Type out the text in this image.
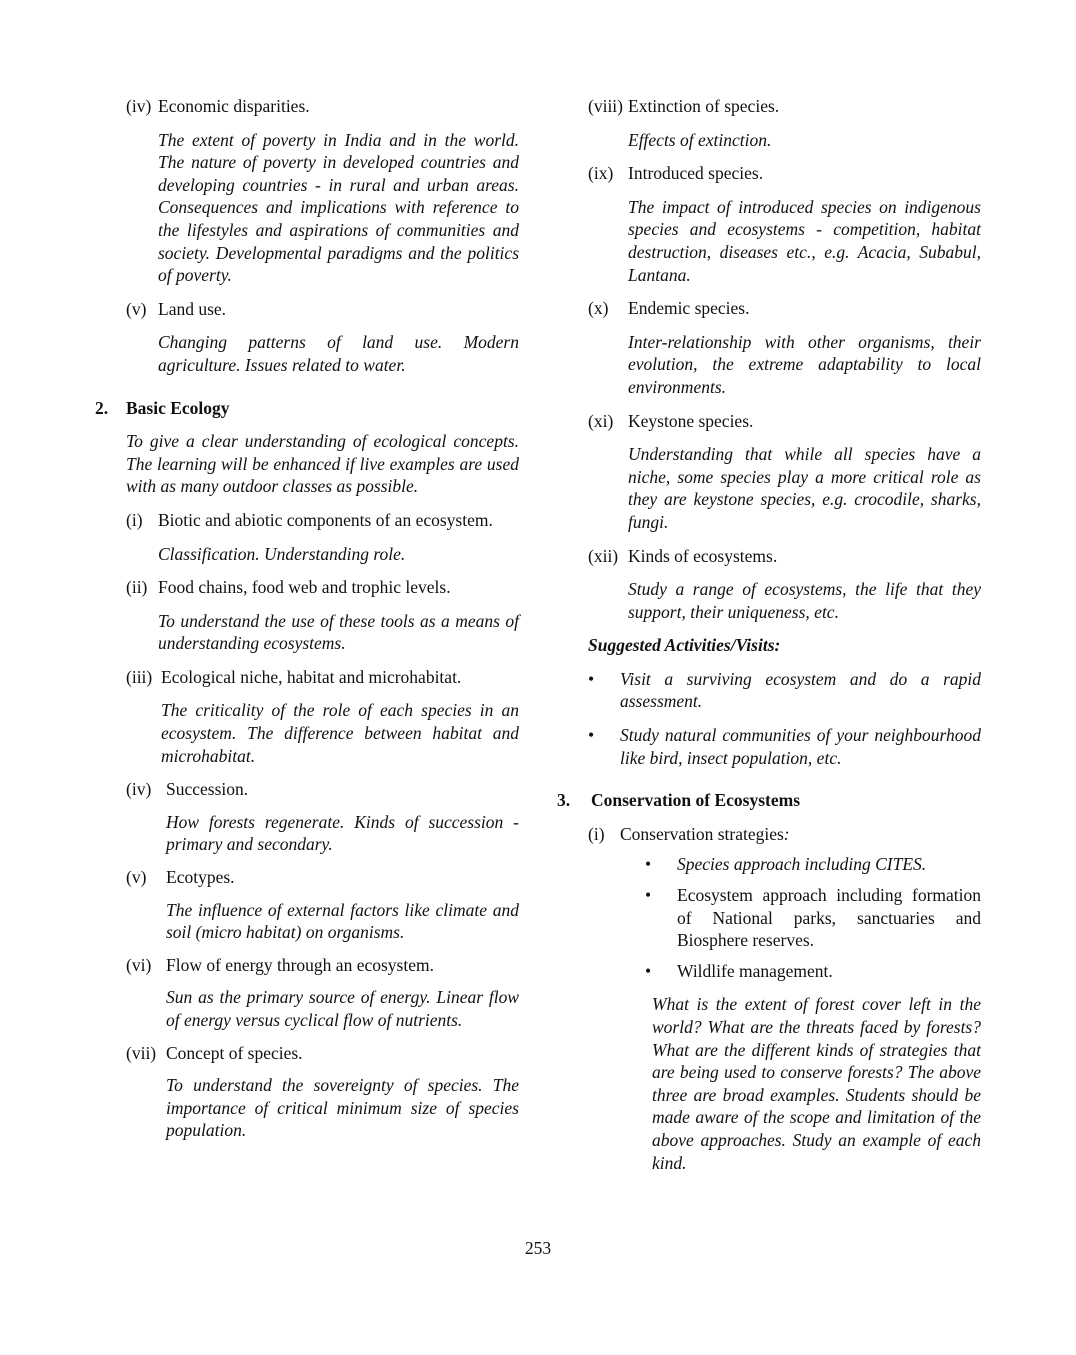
(iv) Economic disparities.

The extent of poverty in India and in the world. The nature of poverty in developed countries and developing countries - in rural and urban areas. Consequences and implications with reference to the lifestyles and aspirations of communities and society. Developmental paradigms and the politics of poverty.

(v) Land use.

Changing patterns of land use. Modern agriculture. Issues related to water.

2.	Basic Ecology

To give a clear understanding of ecological concepts. The learning will be enhanced if live examples are used with as many outdoor classes as possible.

(i) Biotic and abiotic components of an ecosystem.

Classification. Understanding role.

(ii) Food chains, food web and trophic levels.

To understand the use of these tools as a means of understanding ecosystems.

(iii) Ecological niche, habitat and microhabitat.

The criticality of the role of each species in an ecosystem. The difference between habitat and microhabitat.

(iv) Succession.

How forests regenerate. Kinds of succession - primary and secondary.

(v)	Ecotypes.

The influence of external factors like climate and soil (micro habitat) on organisms.

(vi) Flow of energy through an ecosystem.

Sun as the primary source of energy. Linear flow of energy versus cyclical flow of nutrients.

(vii) Concept of species.

To understand the sovereignty of species. The importance of critical minimum size of species population.

(viii) Extinction of species.

Effects of extinction.

(ix) Introduced species.

The impact of introduced species on indigenous species and ecosystems - competition, habitat destruction, diseases etc., e.g. Acacia, Subabul, Lantana.

(x)	Endemic species.

Inter-relationship with other organisms, their evolution, the extreme adaptability to local environments.

(xi) Keystone species.

Understanding that while all species have a niche, some species play a more critical role as they are keystone species, e.g. crocodile, sharks, fungi.

(xii) Kinds of ecosystems.

Study a range of ecosystems, the life that they support, their uniqueness, etc.

Suggested Activities/Visits:

•	Visit a surviving ecosystem and do a rapid assessment.
•	Study natural communities of your neighbourhood like bird, insect population, etc.
3.	Conservation of Ecosystems
(i) Conservation strategies:
•	Species approach including CITES.
•	Ecosystem approach including formation of National parks, sanctuaries and Biosphere reserves.
•	Wildlife management.

What is the extent of forest cover left in the world? What are the threats faced by forests? What are the different kinds of strategies that are being used to conserve forests? The above three are broad examples. Students should be made aware of the scope and limitation of the above approaches. Study an example of each kind.

253
